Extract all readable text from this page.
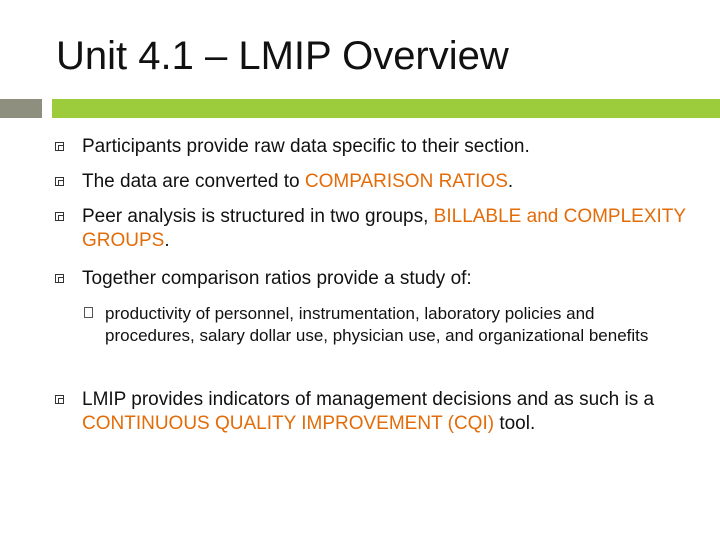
Unit 4.1 – LMIP Overview
Participants provide raw data specific to their section.
The data are converted to COMPARISON RATIOS.
Peer analysis is structured in two groups, BILLABLE and COMPLEXITY GROUPS.
Together comparison ratios provide a study of:
productivity of personnel, instrumentation, laboratory policies and procedures, salary dollar use, physician use, and organizational benefits
LMIP provides indicators of management decisions and as such is a CONTINUOUS QUALITY IMPROVEMENT (CQI) tool.
